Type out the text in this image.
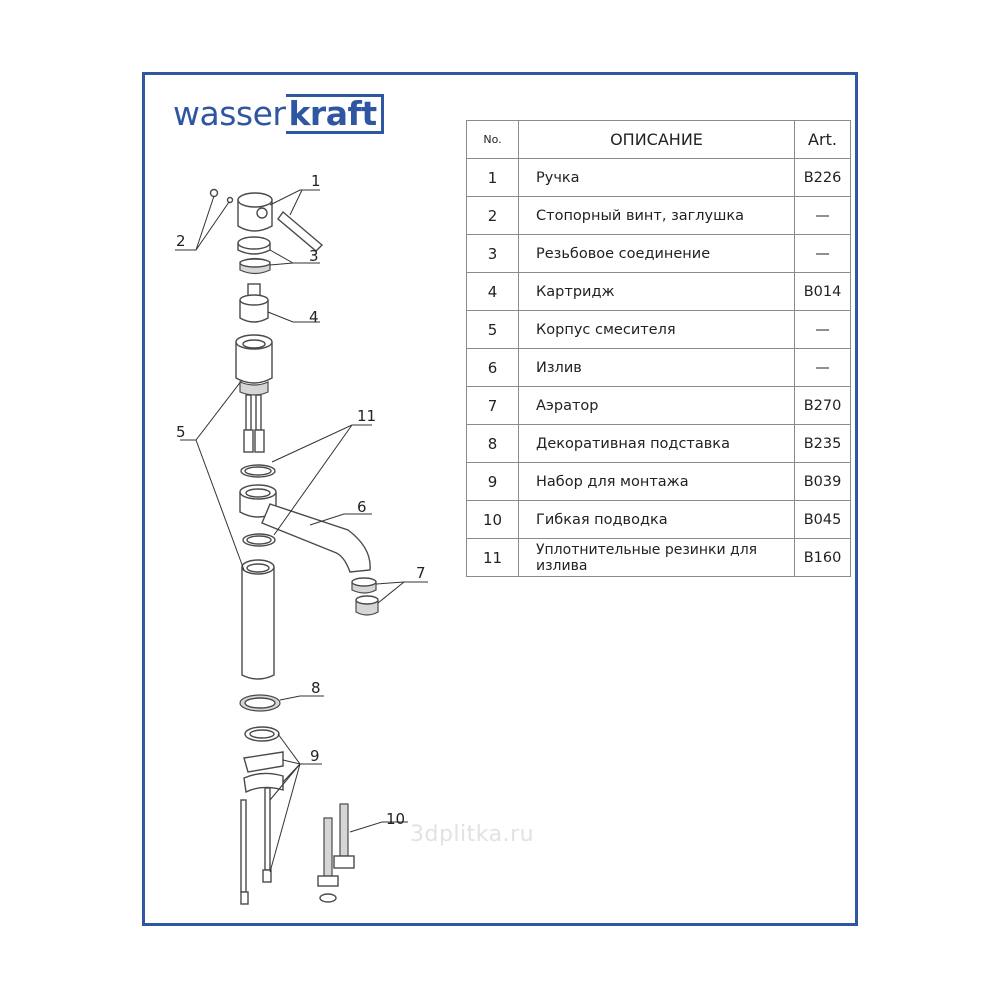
wasser kraft
1
2
3
4
5
6
7
8
9
10
11
No.	ОПИСАНИЕ	Art.
1	Ручка	B226
2	Стопорный винт, заглушка	—
3	Резьбовое соединение	—
4	Картридж	B014
5	Корпус смесителя	—
6	Излив	—
7	Аэратор	B270
8	Декоративная подставка	B235
9	Набор для монтажа	B039
10	Гибкая подводка	B045
11	Уплотнительные резинки для излива	B160
3dplitka.ru
